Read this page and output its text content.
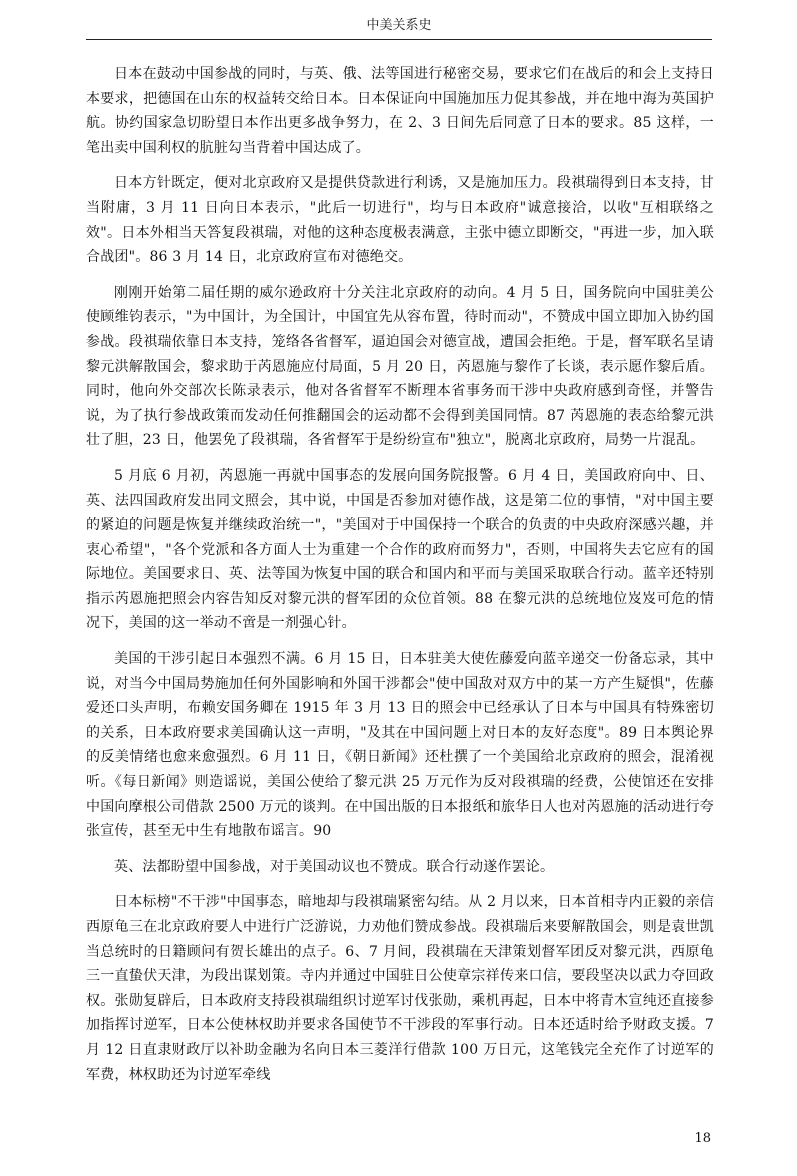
中美关系史

日本在鼓动中国参战的同时，与英、俄、法等国进行秘密交易，要求它们在战后的和会上支持日本要求，把德国在山东的权益转交给日本。日本保证向中国施加压力促其参战，并在地中海为英国护航。协约国家急切盼望日本作出更多战争努力，在 2、3 日间先后同意了日本的要求。85 这样，一笔出卖中国利权的肮脏勾当背着中国达成了。

日本方针既定，便对北京政府又是提供贷款进行利诱，又是施加压力。段祺瑞得到日本支持，甘当附庸，3 月 11 日向日本表示，"此后一切进行"，均与日本政府"诚意接洽，以收"互相联络之效"。日本外相当天答复段祺瑞，对他的这种态度极表满意，主张中德立即断交，"再进一步，加入联合战团"。86 3 月 14 日，北京政府宣布对德绝交。

刚刚开始第二届任期的威尔逊政府十分关注北京政府的动向。4 月 5 日，国务院向中国驻美公使顾维钧表示，"为中国计，为全国计，中国宜先从容布置，待时而动"，不赞成中国立即加入协约国参战。段祺瑞依靠日本支持，笼络各省督军，逼迫国会对德宣战，遭国会拒绝。于是，督军联名呈请黎元洪解散国会，黎求助于芮恩施应付局面，5 月 20 日，芮恩施与黎作了长谈，表示愿作黎后盾。同时，他向外交部次长陈录表示，他对各省督军不断理本省事务而干涉中央政府感到奇怪，并警告说，为了执行参战政策而发动任何推翻国会的运动都不会得到美国同情。87 芮恩施的表态给黎元洪壮了胆，23 日，他罢免了段祺瑞，各省督军于是纷纷宣布"独立"，脱离北京政府，局势一片混乱。

5 月底 6 月初，芮恩施一再就中国事态的发展向国务院报警。6 月 4 日，美国政府向中、日、英、法四国政府发出同文照会，其中说，中国是否参加对德作战，这是第二位的事情，"对中国主要的紧迫的问题是恢复并继续政治统一"，"美国对于中国保持一个联合的负责的中央政府深感兴趣，并衷心希望"，"各个党派和各方面人士为重建一个合作的政府而努力"，否则，中国将失去它应有的国际地位。美国要求日、英、法等国为恢复中国的联合和国内和平而与美国采取联合行动。蓝辛还特别指示芮恩施把照会内容告知反对黎元洪的督军团的众位首领。88 在黎元洪的总统地位岌岌可危的情况下，美国的这一举动不啻是一剂强心针。

美国的干涉引起日本强烈不满。6 月 15 日，日本驻美大使佐藤爱向蓝辛递交一份备忘录，其中说，对当今中国局势施加任何外国影响和外国干涉都会"使中国敌对双方中的某一方产生疑惧"，佐藤爱还口头声明，布赖安国务卿在 1915 年 3 月 13 日的照会中已经承认了日本与中国具有特殊密切的关系，日本政府要求美国确认这一声明，"及其在中国问题上对日本的友好态度"。89 日本舆论界的反美情绪也愈来愈强烈。6 月 11 日，《朝日新闻》还杜撰了一个美国给北京政府的照会，混淆视听。《每日新闻》则造谣说，美国公使给了黎元洪 25 万元作为反对段祺瑞的经费，公使馆还在安排中国向摩根公司借款 2500 万元的谈判。在中国出版的日本报纸和旅华日人也对芮恩施的活动进行夸张宣传，甚至无中生有地散布谣言。90

英、法都盼望中国参战，对于美国动议也不赞成。联合行动遂作罢论。

日本标榜"不干涉"中国事态，暗地却与段祺瑞紧密勾结。从 2 月以来，日本首相寺内正毅的亲信西原龟三在北京政府要人中进行广泛游说，力劝他们赞成参战。段祺瑞后来要解散国会，则是袁世凯当总统时的日籍顾问有贺长雄出的点子。6、7 月间，段祺瑞在天津策划督军团反对黎元洪，西原龟三一直蛰伏天津，为段出谋划策。寺内并通过中国驻日公使章宗祥传来口信，要段坚决以武力夺回政权。张勋复辟后，日本政府支持段祺瑞组织讨逆军讨伐张勋，乘机再起，日本中将青木宣纯还直接参加指挥讨逆军，日本公使林权助并要求各国使节不干涉段的军事行动。日本还适时给予财政支援。7 月 12 日直隶财政厅以补助金融为名向日本三菱洋行借款 100 万日元，这笔钱完全充作了讨逆军的军费，林权助还为讨逆军牵线

18
